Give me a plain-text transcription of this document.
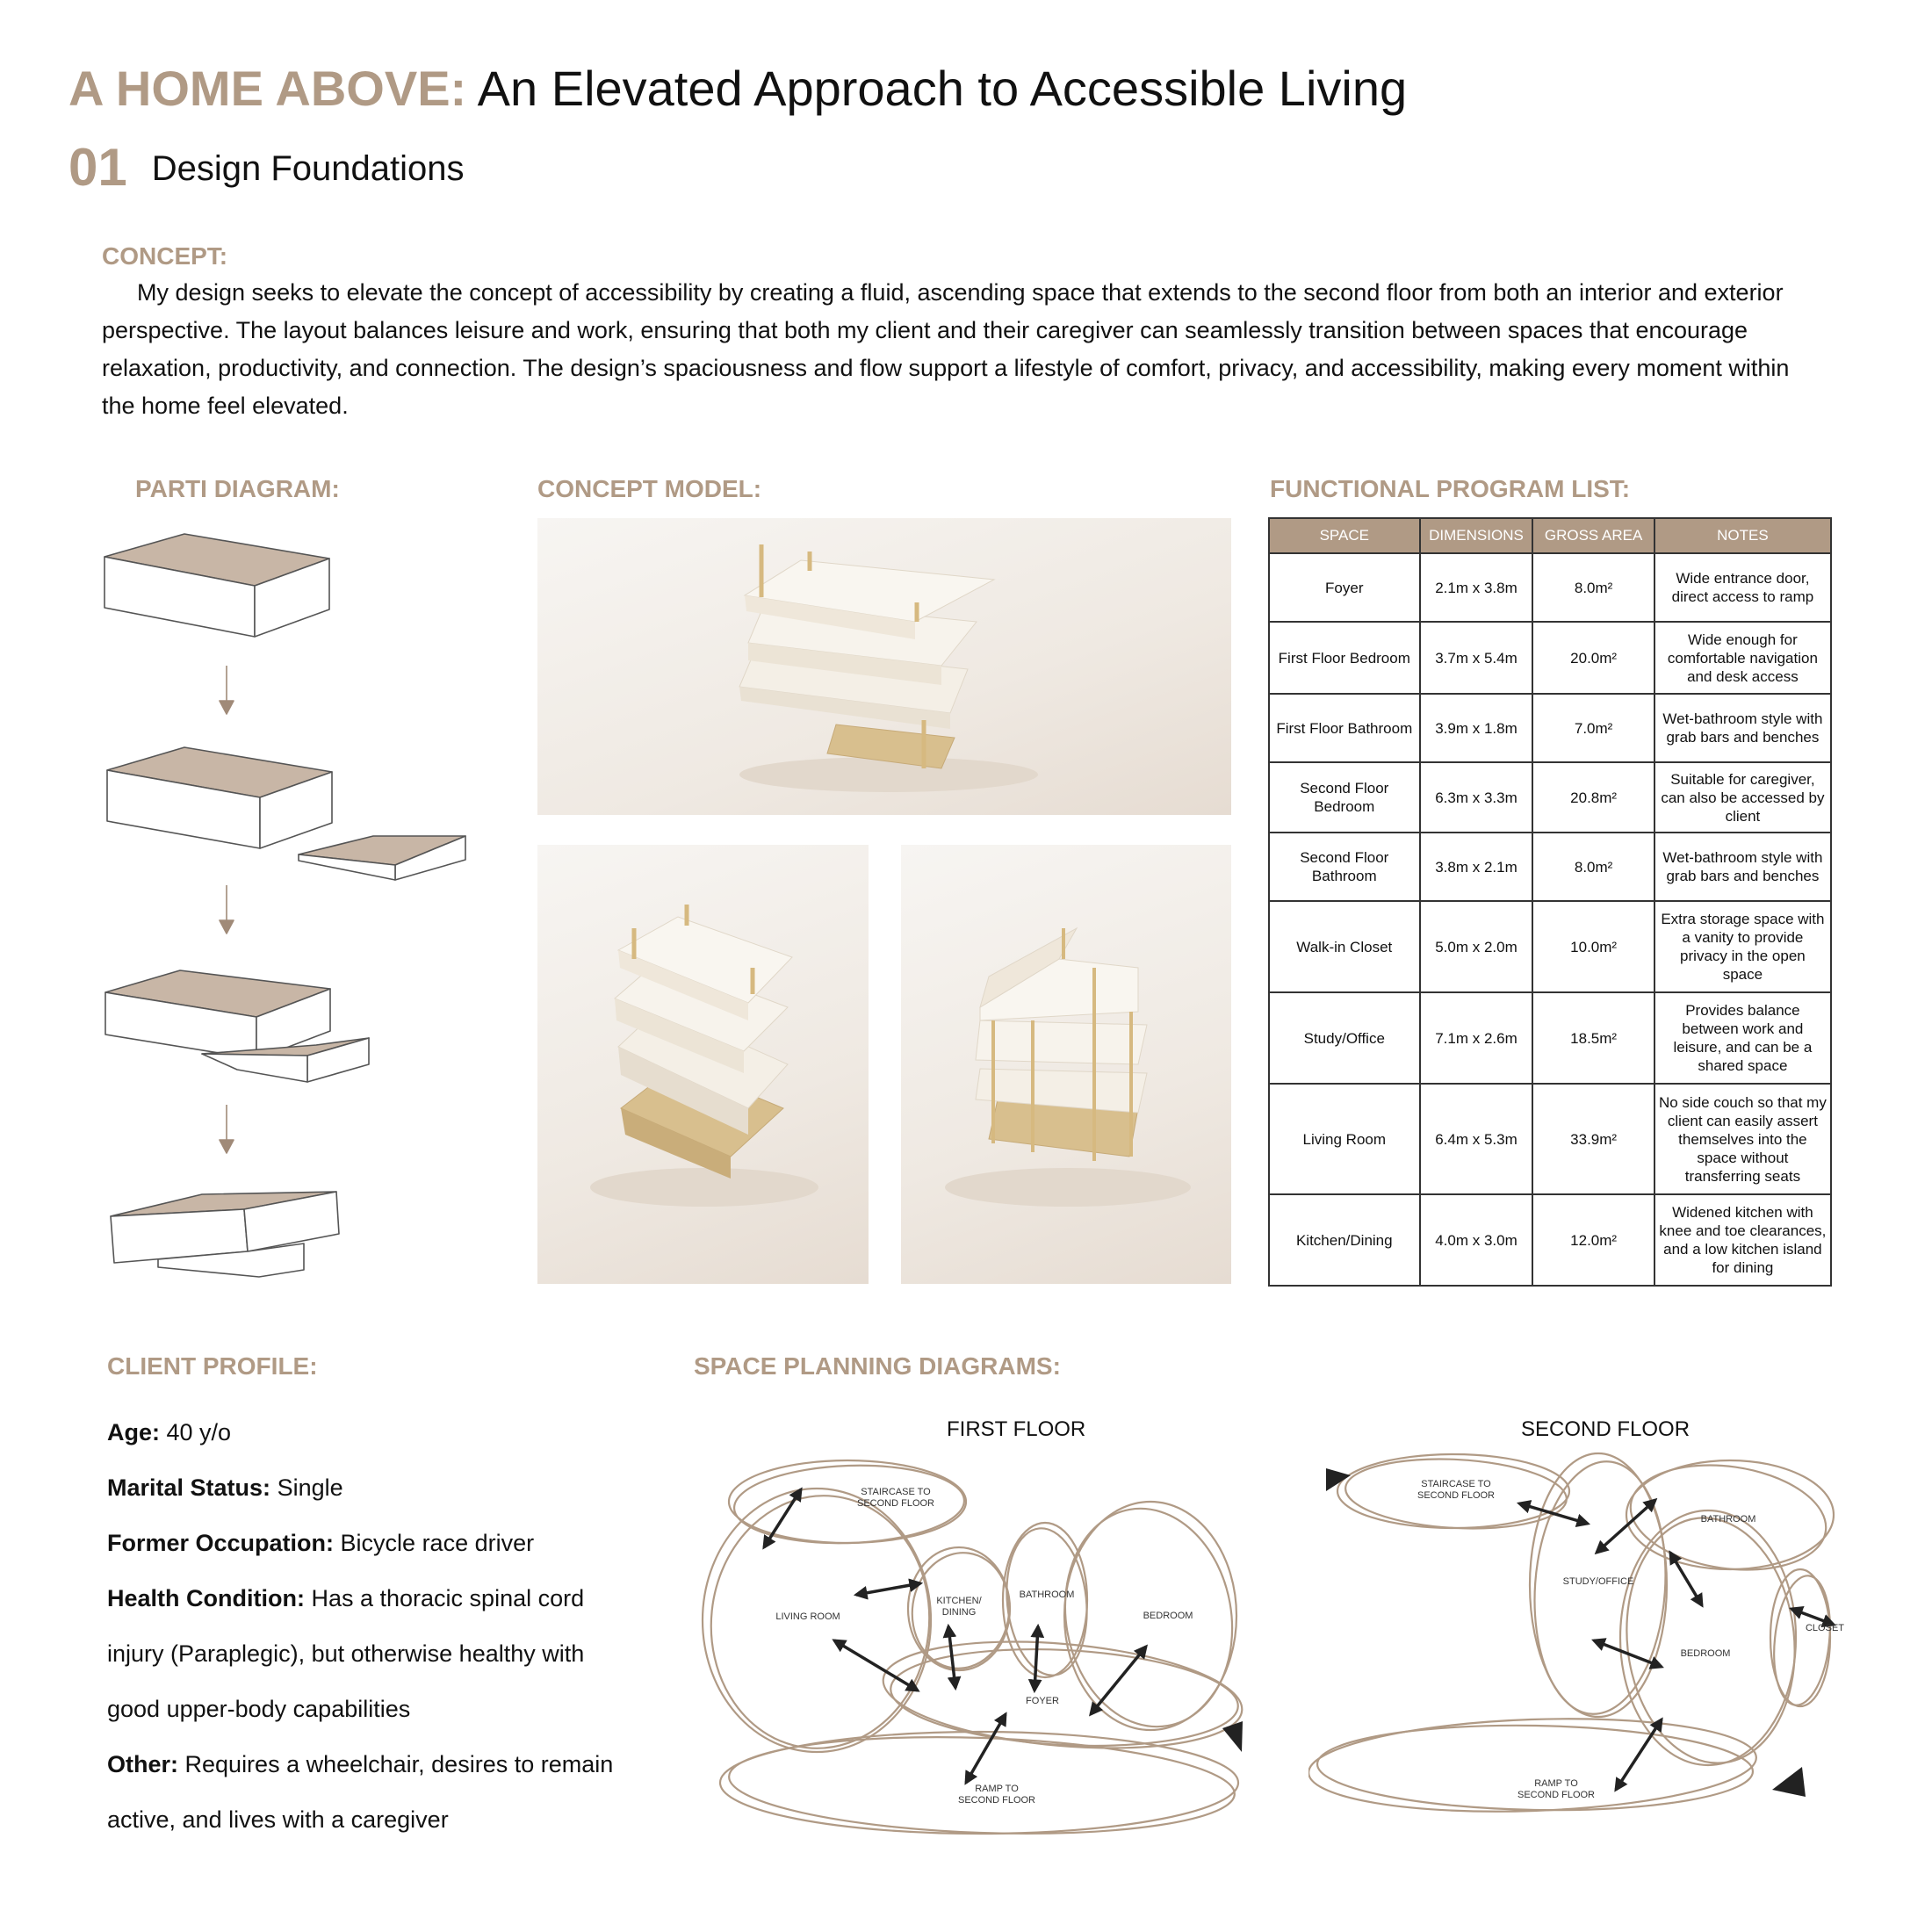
A HOME ABOVE: An Elevated Approach to Accessible Living
01 Design Foundations
CONCEPT:
My design seeks to elevate the concept of accessibility by creating a fluid, ascending space that extends to the second floor from both an interior and exterior perspective. The layout balances leisure and work, ensuring that both my client and their caregiver can seamlessly transition between spaces that encourage relaxation, productivity, and connection. The design’s spaciousness and flow support a lifestyle of comfort, privacy, and accessibility, making every moment within the home feel elevated.
PARTI DIAGRAM:	CONCEPT MODEL:	FUNCTIONAL PROGRAM LIST:
SPACE	DIMENSIONS	GROSS AREA	NOTES
Foyer	2.1m x 3.8m	8.0m²	Wide entrance door, direct access to ramp
First Floor Bedroom	3.7m x 5.4m	20.0m²	Wide enough for comfortable navigation and desk access
First Floor Bathroom	3.9m x 1.8m	7.0m²	Wet-bathroom style with grab bars and benches
Second Floor Bedroom	6.3m x 3.3m	20.8m²	Suitable for caregiver, can also be accessed by client
Second Floor Bathroom	3.8m x 2.1m	8.0m²	Wet-bathroom style with grab bars and benches
Walk-in Closet	5.0m x 2.0m	10.0m²	Extra storage space with a vanity to provide privacy in the open space
Study/Office	7.1m x 2.6m	18.5m²	Provides balance between work and leisure, and can be a shared space
Living Room	6.4m x 5.3m	33.9m²	No side couch so that my client can easily assert themselves into the space without transferring seats
Kitchen/Dining	4.0m x 3.0m	12.0m²	Widened kitchen with knee and toe clearances, and a low kitchen island for dining
CLIENT PROFILE:
Age: 40 y/o
Marital Status: Single
Former Occupation: Bicycle race driver
Health Condition: Has a thoracic spinal cord injury (Paraplegic), but otherwise healthy with good upper-body capabilities
Other: Requires a wheelchair, desires to remain active, and lives with a caregiver
SPACE PLANNING DIAGRAMS:
FIRST FLOOR	SECOND FLOOR
STAIRCASE TO
SECOND FLOOR
LIVING ROOM
KITCHEN/
DINING
BATHROOM
BEDROOM
FOYER
RAMP TO
SECOND FLOOR
STAIRCASE TO
SECOND FLOOR
BATHROOM
STUDY/OFFICE
CLOSET
BEDROOM
RAMP TO
SECOND FLOOR
